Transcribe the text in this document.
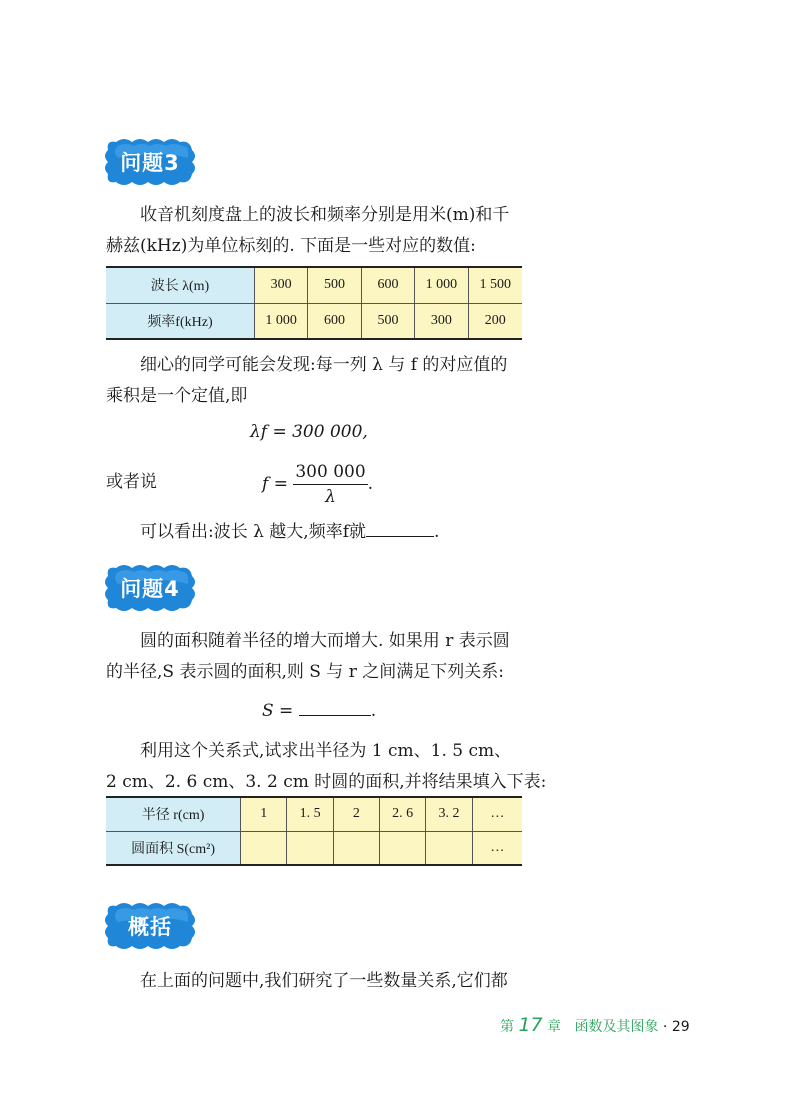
问题3
收音机刻度盘上的波长和频率分别是用米(m)和千
赫兹(kHz)为单位标刻的. 下面是一些对应的数值:
波长 λ(m)	300	500	600	1 000	1 500
频率f(kHz)	1 000	600	500	300	200
细心的同学可能会发现:每一列 λ 与 f 的对应值的
乘积是一个定值,即
λf = 300 000,
或者说	$f = \frac{300 000}{\lambda}$ .
可以看出:波长 λ 越大,频率f就	.
问题4
圆的面积随着半径的增大而增大. 如果用 r 表示圆
的半径,S 表示圆的面积,则 S 与 r 之间满足下列关系:
S =	.
利用这个关系式,试求出半径为 1 cm、1. 5 cm、
2 cm、2. 6 cm、3. 2 cm 时圆的面积,并将结果填入下表:
半径 r(cm)	1	1. 5	2	2. 6	3. 2	…
圆面积 S(cm²)						…
概括
在上面的问题中,我们研究了一些数量关系,它们都
第 17 章 函数及其图象 · 29
